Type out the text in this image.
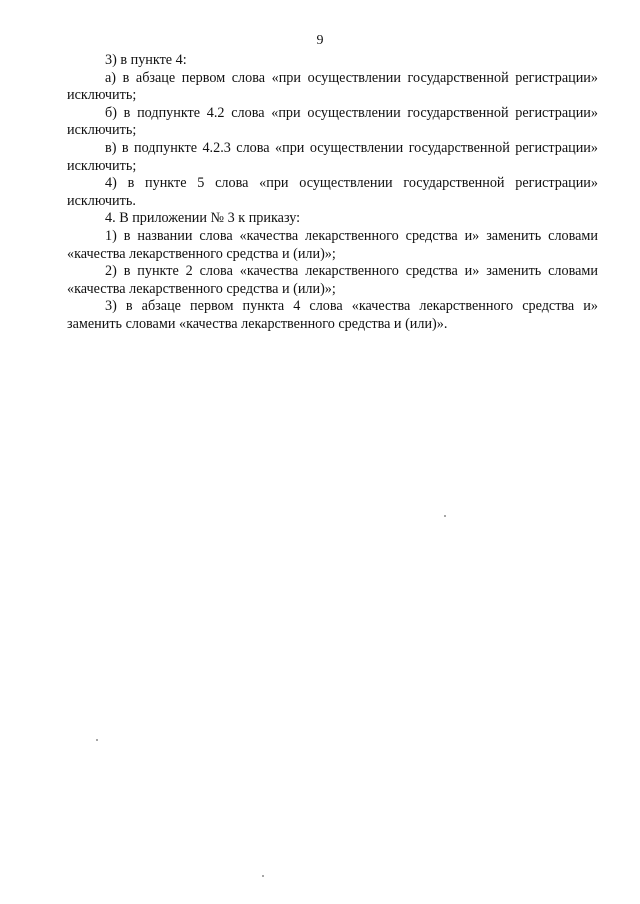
9

3) в пункте 4:

а) в абзаце первом слова «при осуществлении государственной регистрации» исключить;

б) в подпункте 4.2 слова «при осуществлении государственной регистрации» исключить;

в) в подпункте 4.2.3 слова «при осуществлении государственной регистрации» исключить;

4) в пункте 5 слова «при осуществлении государственной регистрации» исключить.

4. В приложении № 3 к приказу:

1) в названии слова «качества лекарственного средства и» заменить словами «качества лекарственного средства и (или)»;

2) в пункте 2 слова «качества лекарственного средства и» заменить словами «качества лекарственного средства и (или)»;

3) в абзаце первом пункта 4 слова «качества лекарственного средства и» заменить словами «качества лекарственного средства и (или)».
